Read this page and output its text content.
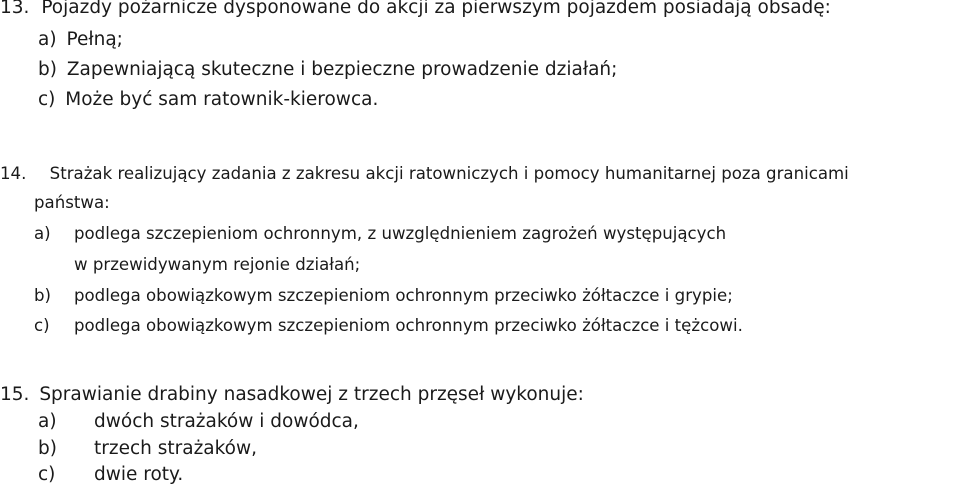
13. Pojazdy pożarnicze dysponowane do akcji za pierwszym pojazdem posiadają obsadę:
a) Pełną;
b) Zapewniającą skuteczne i bezpieczne prowadzenie działań;
c) Może być sam ratownik-kierowca.
14. Strażak realizujący zadania z zakresu akcji ratowniczych i pomocy humanitarnej poza granicami
państwa:
a) podlega szczepieniom ochronnym, z uwzględnieniem zagrożeń występujących
w przewidywanym rejonie działań;
b) podlega obowiązkowym szczepieniom ochronnym przeciwko żółtaczce i grypie;
c) podlega obowiązkowym szczepieniom ochronnym przeciwko żółtaczce i tężcowi.
15. Sprawianie drabiny nasadkowej z trzech przęseł wykonuje:
a) dwóch strażaków i dowódca,
b) trzech strażaków,
c) dwie roty.
